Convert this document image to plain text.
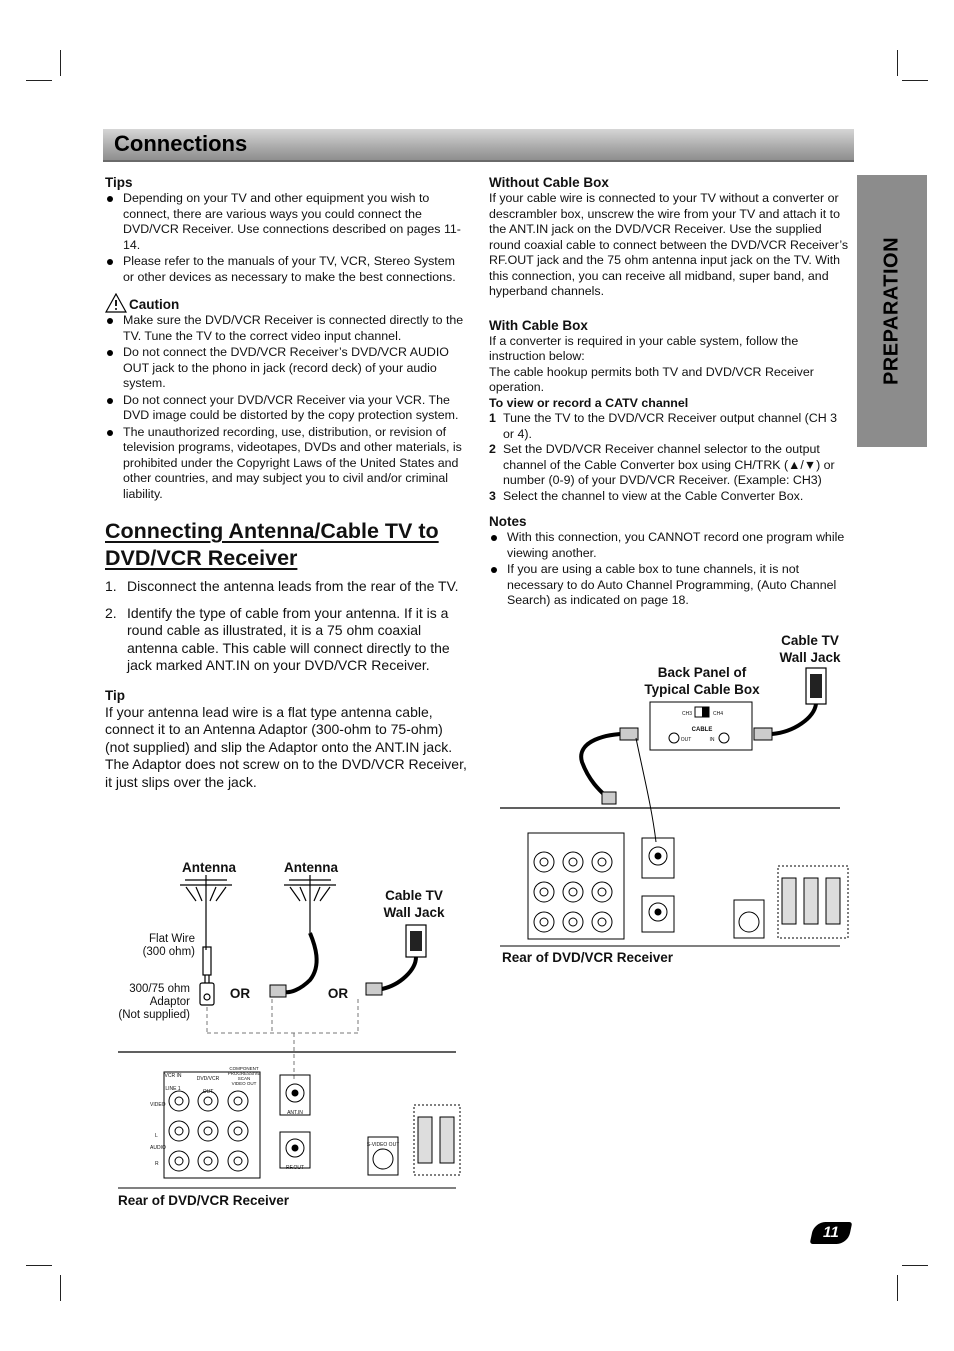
Connections
PREPARATION
Tips
Depending on your TV and other equipment you wish to connect, there are various ways you could connect the DVD/VCR Receiver. Use connections described on pages 11-14.
Please refer to the manuals of your TV, VCR, Stereo System or other devices as necessary to make the best connections.
Caution
Make sure the DVD/VCR Receiver is connected directly to the TV. Tune the TV to the correct video input channel.
Do not connect the DVD/VCR Receiver’s DVD/VCR AUDIO OUT jack to the phono in jack (record deck) of your audio system.
Do not connect your DVD/VCR Receiver via your VCR. The DVD image could be distorted by the copy protection system.
The unauthorized recording, use, distribution, or revision of television programs, videotapes, DVDs and other materials, is prohibited under the Copyright Laws of the United States and other countries, and may subject you to civil and/or criminal liability.
Connecting Antenna/Cable TV to DVD/VCR Receiver
1. Disconnect the antenna leads from the rear of the TV.
2. Identify the type of cable from your antenna. If it is a round cable as illustrated, it is a 75 ohm coaxial antenna cable. This cable will connect directly to the jack marked ANT.IN on your DVD/VCR Receiver.
Tip

If your antenna lead wire is a flat type antenna cable, connect it to an Antenna Adaptor (300-ohm to 75-ohm) (not supplied) and slip the Adaptor onto the ANT.IN jack. The Adaptor does not screw on to the DVD/VCR Receiver, it just slips over the jack.

Without Cable Box

If your cable wire is connected to your TV without a converter or descrambler box, unscrew the wire from your TV and attach it to the ANT.IN jack on the DVD/VCR Receiver. Use the supplied round coaxial cable to connect between the DVD/VCR Receiver’s RF.OUT jack and the 75 ohm antenna input jack on the TV. With this connection, you can receive all midband, super band, and hyperband channels.

With Cable Box

If a converter is required in your cable system, follow the instruction below:

The cable hookup permits both TV and DVD/VCR Receiver operation.

To view or record a CATV channel

1 Tune the TV to the DVD/VCR Receiver output channel (CH 3 or 4).
2 Set the DVD/VCR Receiver channel selector to the output channel of the Cable Converter box using CH/TRK (▲/▼) or number (0-9) of your DVD/VCR Receiver. (Example: CH3)
3 Select the channel to view at the Cable Converter Box.
Notes
With this connection, you CANNOT record one program while viewing another.
If you are using a cable box to tune channels, it is not necessary to do Auto Channel Programming, (Auto Channel Search) as indicated on page 18.
Antenna	Antenna
Cable TV
Wall Jack
Flat Wire
(300 ohm)
300/75 ohm
Adaptor
(Not supplied)
OR	OR
VCR IN
LINE 1
DVD/VCR
OUT
COMPONENT
PROGRESSIVE SCAN
VIDEO OUT
VIDEO
AUDIO
L
R
ANT.IN
RF.OUT
S-VIDEO OUT
Rear of DVD/VCR Receiver
Cable TV
Wall Jack
Back Panel of
Typical Cable Box
CH3	CH4
CABLE
OUT	IN
Rear of DVD/VCR Receiver
11
